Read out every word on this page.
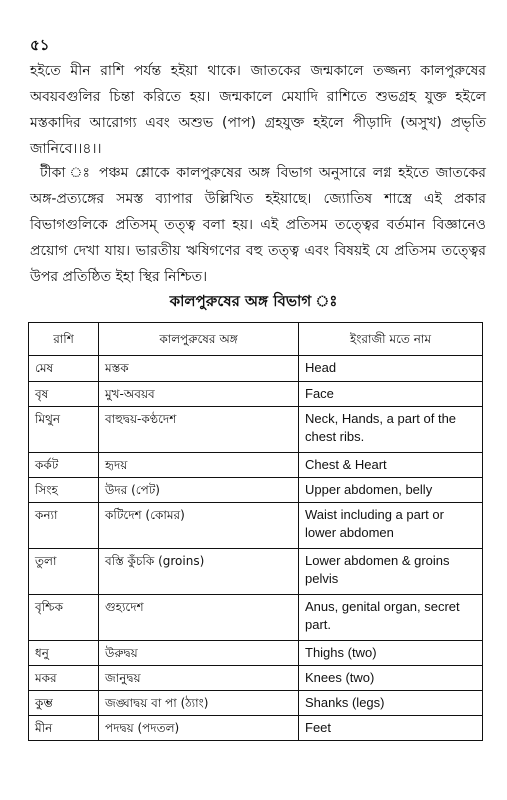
৫১

হইতে মীন রাশি পর্যন্ত হইয়া থাকে। জাতকের জন্মকালে তজ্জন্য কালপুরুষের অবয়বগুলির চিন্তা করিতে হয়। জন্মকালে মেযাদি রাশিতে শুভগ্রহ যুক্ত হইলে মস্তকাদির আরোগ্য এবং অশুভ (পাপ) গ্রহযুক্ত হইলে পীড়াদি (অসুখ) প্রভৃতি জানিবে।।৪।।

টীকা ঃ পঞ্চম শ্লোকে কালপুরুষের অঙ্গ বিভাগ অনুসারে লগ্ন হইতে জাতকের অঙ্গ-প্রত্যঙ্গের সমস্ত ব্যাপার উল্লিখিত হইয়াছে। জ্যোতিষ শাস্ত্রে এই প্রকার বিভাগগুলিকে প্রতিসম্ তত্ত্ব বলা হয়। এই প্রতিসম তত্ত্বের বর্তমান বিজ্ঞানেও প্রয়োগ দেখা যায়। ভারতীয় ঋষিগণের বহু তত্ত্ব এবং বিষয়ই যে প্রতিসম তত্ত্বের উপর প্রতিষ্ঠিত ইহা স্থির নিশ্চিত।

কালপুরুষের অঙ্গ বিভাগ ঃ
রাশি	কালপুরুষের অঙ্গ	ইংরাজী মতে নাম
মেষ	মস্তক	Head
বৃষ	মুখ-অবয়ব	Face
মিথুন	বাহুদ্বয়-কণ্ঠদেশ	Neck, Hands, a part of the chest ribs.
কর্কট	হৃদয়	Chest & Heart
সিংহ	উদর (পেট)	Upper abdomen, belly
কন্যা	কটিদেশ (কোমর)	Waist including a part or lower abdomen
তুলা	বস্তি কুঁচকি (groins)	Lower abdomen & groins pelvis
বৃশ্চিক	গুহ্যদেশ	Anus, genital organ, secret part.
ধনু	উরুদ্বয়	Thighs (two)
মকর	জানুদ্বয়	Knees (two)
কুম্ভ	জঙ্ঘাদ্বয় বা পা (ঠ্যাং)	Shanks (legs)
মীন	পদদ্বয় (পদতল)	Feet
